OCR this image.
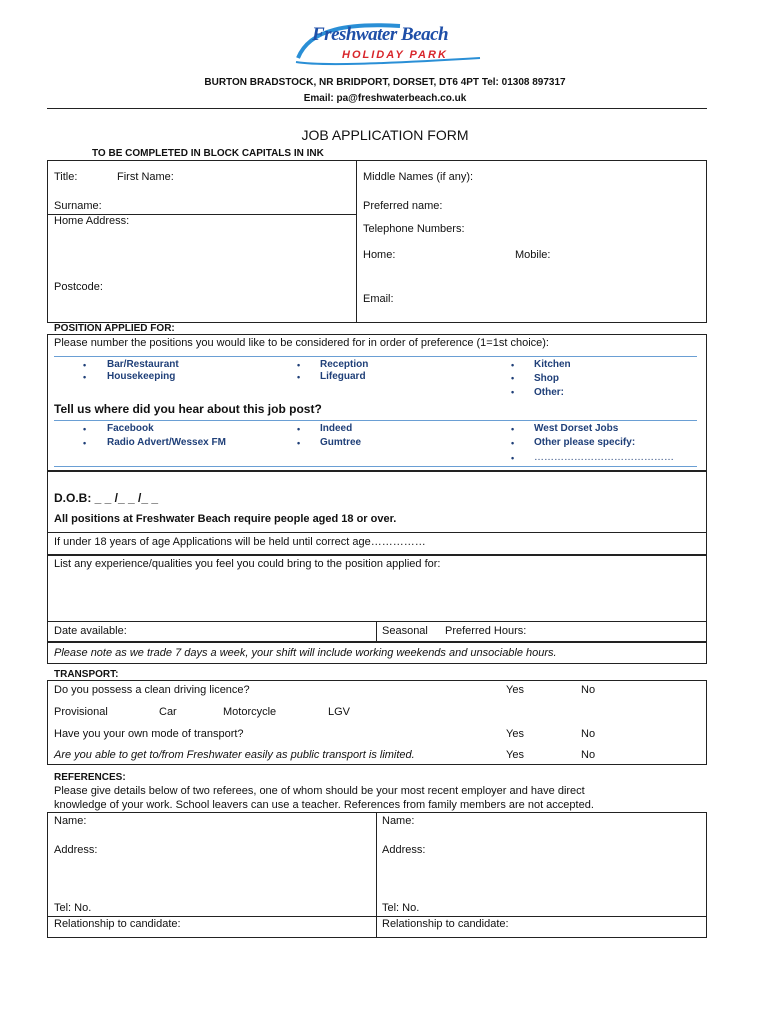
Freshwater Beach
HOLIDAY PARK
BURTON BRADSTOCK, NR BRIDPORT, DORSET, DT6 4PT Tel: 01308 897317
Email: pa@freshwaterbeach.co.uk
JOB APPLICATION FORM
TO BE COMPLETED IN BLOCK CAPITALS IN INK
Title:	First Name:	Middle Names (if any):
Surname:	Preferred name:
Home Address:
Telephone Numbers:
Home:	Mobile:
Postcode:
Email:
POSITION APPLIED FOR:
Please number the positions you would like to be considered for in order of preference (1=1st choice):
• Bar/Restaurant
• Housekeeping
• Reception
• Lifeguard
• Kitchen
• Shop
• Other:
Tell us where did you hear about this job post?
• Facebook
• Radio Advert/Wessex FM
• Indeed
• Gumtree
• West Dorset Jobs
• Other please specify:
• ……………………………………
D.O.B: _ _ /_ _ /_ _
All positions at Freshwater Beach require people aged 18 or over.
If under 18 years of age Applications will be held until correct age……………
List any experience/qualities you feel you could bring to the position applied for:
Date available:	Seasonal Preferred Hours:
Please note as we trade 7 days a week, your shift will include working weekends and unsociable hours.
TRANSPORT:
Do you possess a clean driving licence?	Yes	No
Provisional	Car	Motorcycle	LGV
Have you your own mode of transport?	Yes	No
Are you able to get to/from Freshwater easily as public transport is limited.	Yes	No
REFERENCES:
Please give details below of two referees, one of whom should be your most recent employer and have direct
knowledge of your work. School leavers can use a teacher. References from family members are not accepted.
Name:	Name:
Address:	Address:
Tel: No.	Tel: No.
Relationship to candidate:	Relationship to candidate:
